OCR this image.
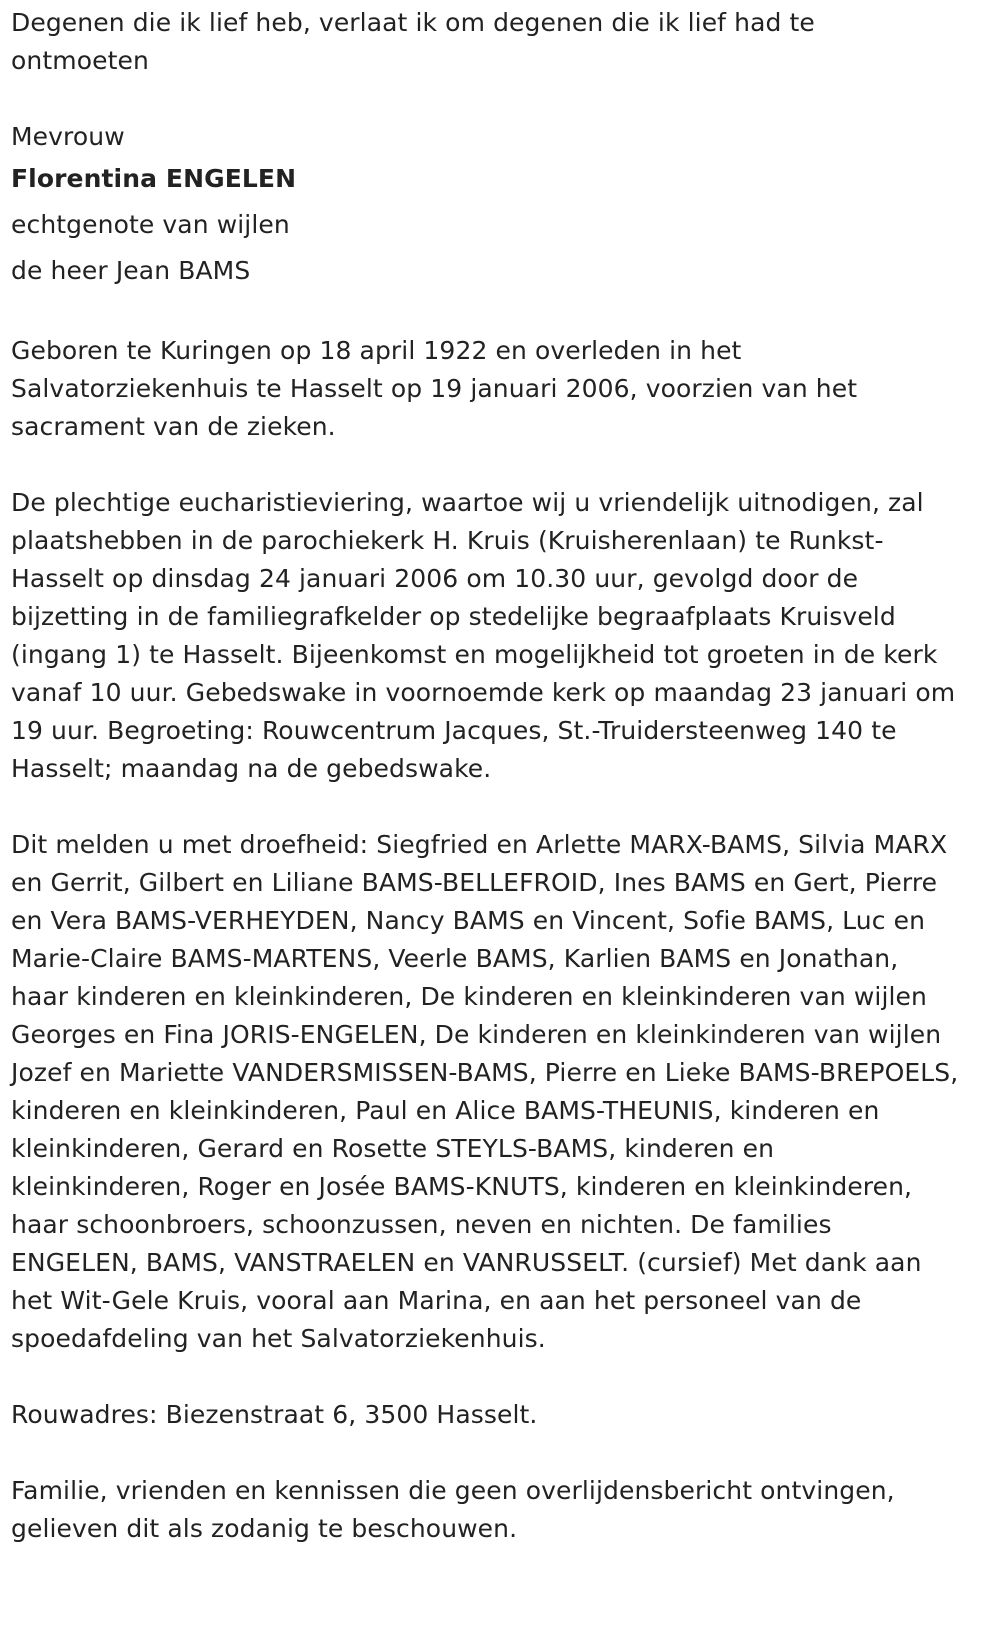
Degenen die ik lief heb, verlaat ik om degenen die ik lief had te ontmoeten

Mevrouw
Florentina ENGELEN
echtgenote van wijlen
de heer Jean BAMS

Geboren te Kuringen op 18 april 1922 en overleden in het Salvatorziekenhuis te Hasselt op 19 januari 2006, voorzien van het sacrament van de zieken.

De plechtige eucharistieviering, waartoe wij u vriendelijk uitnodigen, zal plaatshebben in de parochiekerk H. Kruis (Kruisherenlaan) te Runkst-Hasselt op dinsdag 24 januari 2006 om 10.30 uur, gevolgd door de bijzetting in de familiegrafkelder op stedelijke begraafplaats Kruisveld (ingang 1) te Hasselt. Bijeenkomst en mogelijkheid tot groeten in de kerk vanaf 10 uur. Gebedswake in voornoemde kerk op maandag 23 januari om 19 uur. Begroeting: Rouwcentrum Jacques, St.-Truidersteenweg 140 te Hasselt; maandag na de gebedswake.

Dit melden u met droefheid: Siegfried en Arlette MARX-BAMS, Silvia MARX en Gerrit, Gilbert en Liliane BAMS-BELLEFROID, Ines BAMS en Gert, Pierre en Vera BAMS-VERHEYDEN, Nancy BAMS en Vincent, Sofie BAMS, Luc en Marie-Claire BAMS-MARTENS, Veerle BAMS, Karlien BAMS en Jonathan, haar kinderen en kleinkinderen, De kinderen en kleinkinderen van wijlen Georges en Fina JORIS-ENGELEN, De kinderen en kleinkinderen van wijlen Jozef en Mariette VANDERSMISSEN-BAMS, Pierre en Lieke BAMS-BREPOELS, kinderen en kleinkinderen, Paul en Alice BAMS-THEUNIS, kinderen en kleinkinderen, Gerard en Rosette STEYLS-BAMS, kinderen en kleinkinderen, Roger en Josée BAMS-KNUTS, kinderen en kleinkinderen, haar schoonbroers, schoonzussen, neven en nichten. De families ENGELEN, BAMS, VANSTRAELEN en VANRUSSELT. (cursief) Met dank aan het Wit-Gele Kruis, vooral aan Marina, en aan het personeel van de spoedafdeling van het Salvatorziekenhuis.

Rouwadres: Biezenstraat 6, 3500 Hasselt.

Familie, vrienden en kennissen die geen overlijdensbericht ontvingen, gelieven dit als zodanig te beschouwen.
